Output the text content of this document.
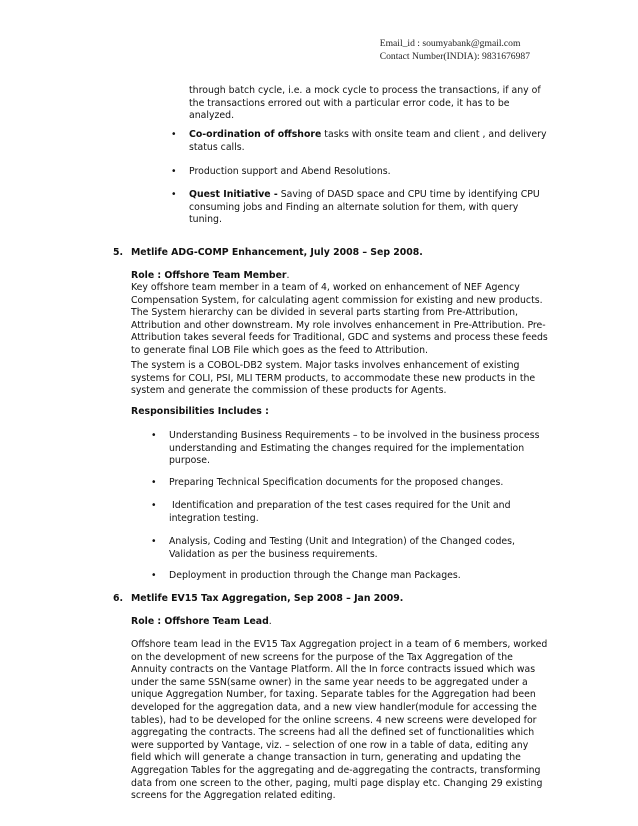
Email_id : soumyabank@gmail.com
Contact Number(INDIA): 9831676987

through batch cycle, i.e. a mock cycle to process the transactions, if any of the transactions errored out with a particular error code, it has to be analyzed.

• Co-ordination of offshore tasks with onsite team and client , and delivery status calls.
• Production support and Abend Resolutions.
• Quest Initiative - Saving of DASD space and CPU time by identifying CPU consuming jobs and Finding an alternate solution for them, with query tuning.
5. Metlife ADG-COMP Enhancement, July 2008 – Sep 2008.
Role : Offshore Team Member.

Key offshore team member in a team of 4, worked on enhancement of NEF Agency Compensation System, for calculating agent commission for existing and new products. The System hierarchy can be divided in several parts starting from Pre-Attribution, Attribution and other downstream. My role involves enhancement in Pre-Attribution. Pre-Attribution takes several feeds for Traditional, GDC and systems and process these feeds to generate final LOB File which goes as the feed to Attribution.

The system is a COBOL-DB2 system. Major tasks involves enhancement of existing systems for COLI, PSI, MLI TERM products, to accommodate these new products in the system and generate the commission of these products for Agents.

Responsibilities Includes :
• Understanding Business Requirements – to be involved in the business process understanding and Estimating the changes required for the implementation purpose.
• Preparing Technical Specification documents for the proposed changes.
• Identification and preparation of the test cases required for the Unit and integration testing.
• Analysis, Coding and Testing (Unit and Integration) of the Changed codes, Validation as per the business requirements.
• Deployment in production through the Change man Packages.
6. Metlife EV15 Tax Aggregation, Sep 2008 – Jan 2009.
Role : Offshore Team Lead.

Offshore team lead in the EV15 Tax Aggregation project in a team of 6 members, worked on the development of new screens for the purpose of the Tax Aggregation of the Annuity contracts on the Vantage Platform. All the In force contracts issued which was under the same SSN(same owner) in the same year needs to be aggregated under a unique Aggregation Number, for taxing. Separate tables for the Aggregation had been developed for the aggregation data, and a new view handler(module for accessing the tables), had to be developed for the online screens. 4 new screens were developed for aggregating the contracts. The screens had all the defined set of functionalities which were supported by Vantage, viz. – selection of one row in a table of data, editing any field which will generate a change transaction in turn, generating and updating the Aggregation Tables for the aggregating and de-aggregating the contracts, transforming data from one screen to the other, paging, multi page display etc. Changing 29 existing screens for the Aggregation related editing.
